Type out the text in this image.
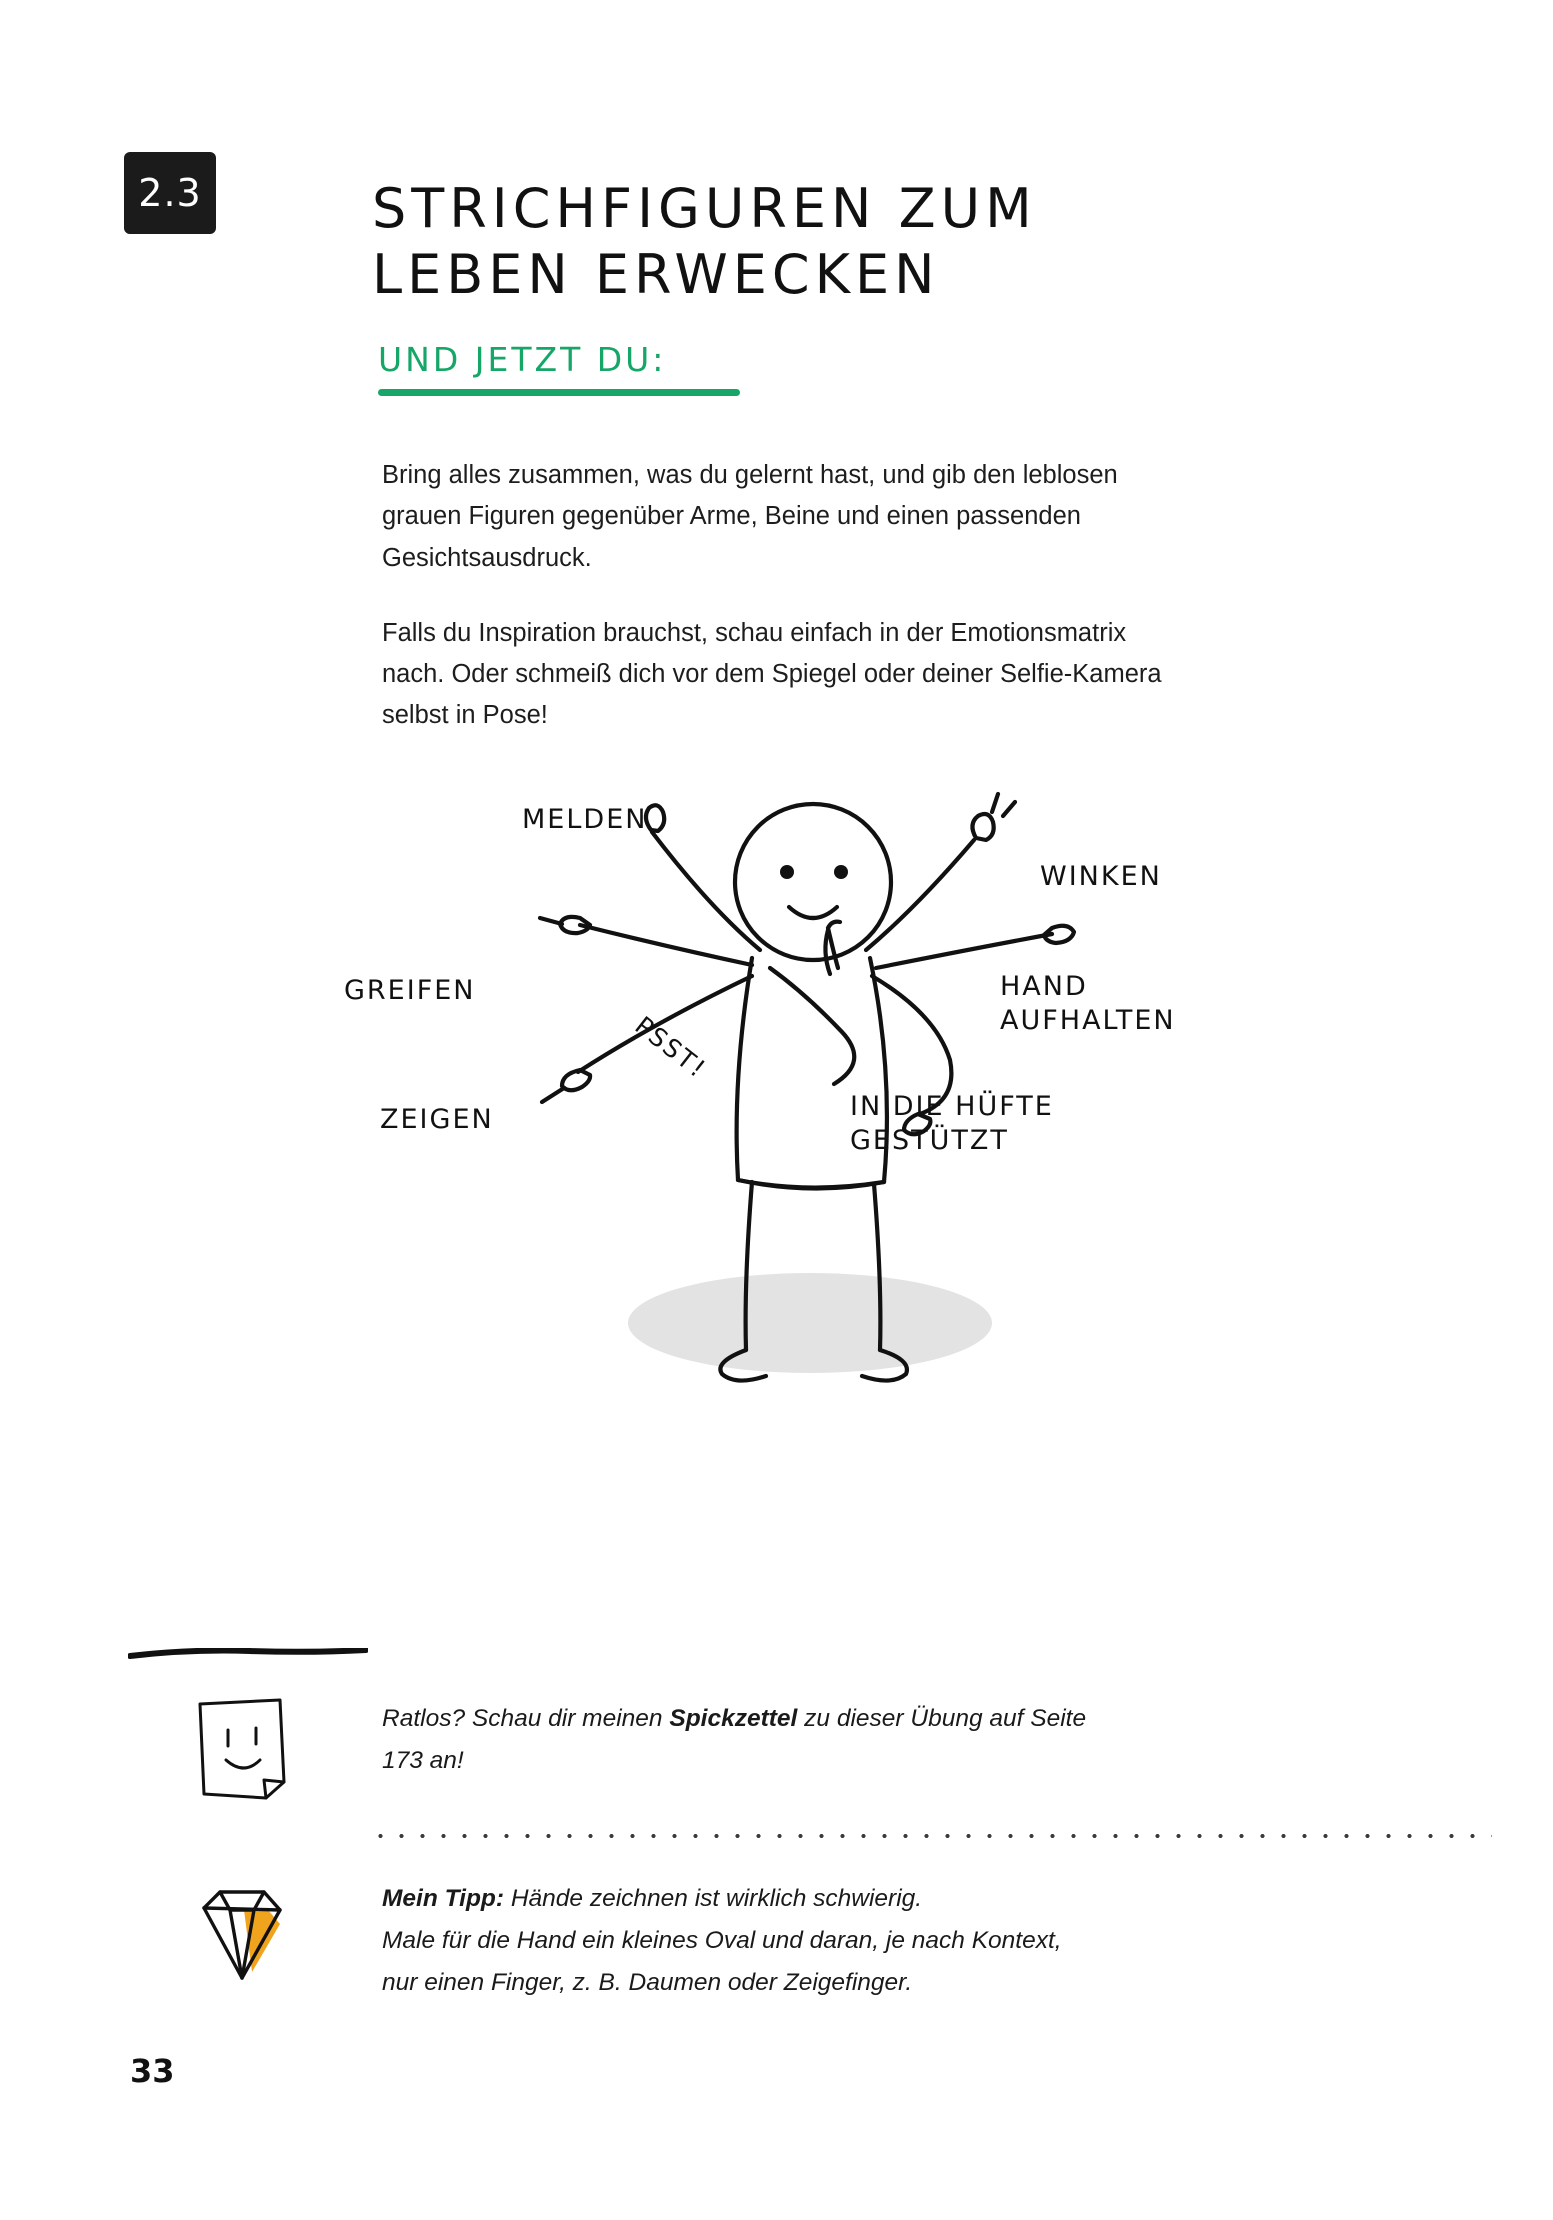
2.3	STRICHFIGUREN ZUM
LEBEN ERWECKEN
UND JETZT DU:

Bring alles zusammen, was du gelernt hast, und gib den leblosen grauen Figuren gegenüber Arme, Beine und einen passenden Gesichtsausdruck.

Falls du Inspiration brauchst, schau einfach in der Emotionsmatrix nach. Oder schmeiß dich vor dem Spiegel oder deiner Selfie-Kamera selbst in Pose!

MELDEN
WINKEN
GREIFEN	HAND
AUFHALTEN
ZEIGEN	IN DIE HÜFTE
GESTÜTZT
PSST!
Ratlos? Schau dir meinen Spickzettel zu dieser Übung auf Seite 173 an!
Mein Tipp: Hände zeichnen ist wirklich schwierig.
Male für die Hand ein kleines Oval und daran, je nach Kontext,
nur einen Finger, z. B. Daumen oder Zeigefinger.
33
